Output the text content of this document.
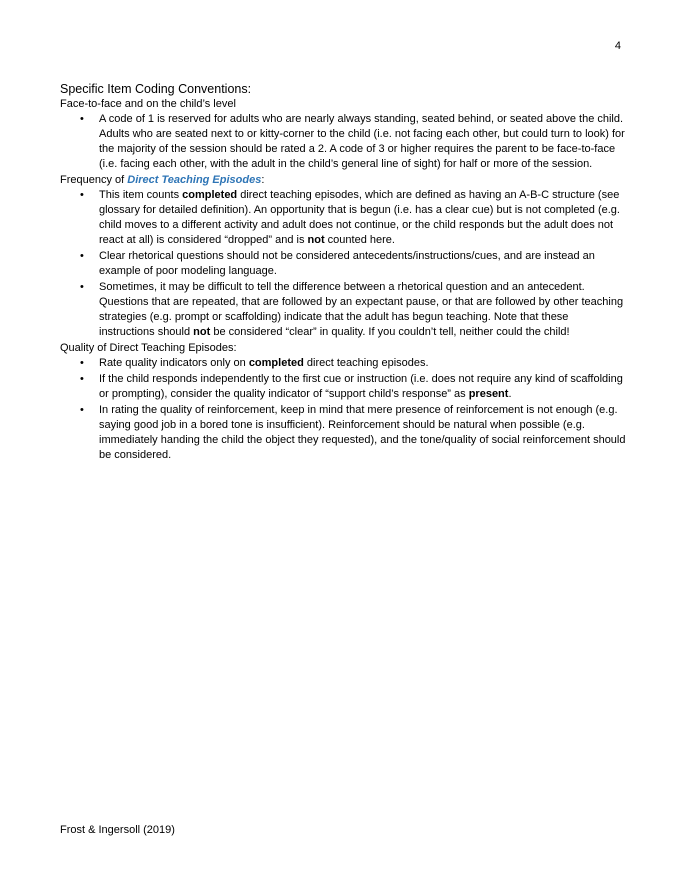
4
Specific Item Coding Conventions:

Face-to-face and on the child’s level

• A code of 1 is reserved for adults who are nearly always standing, seated behind, or seated above the child. Adults who are seated next to or kitty-corner to the child (i.e. not facing each other, but could turn to look) for the majority of the session should be rated a 2. A code of 3 or higher requires the parent to be face-to-face (i.e. facing each other, with the adult in the child’s general line of sight) for half or more of the session.

Frequency of Direct Teaching Episodes:

• This item counts completed direct teaching episodes, which are defined as having an A-B-C structure (see glossary for detailed definition). An opportunity that is begun (i.e. has a clear cue) but is not completed (e.g. child moves to a different activity and adult does not continue, or the child responds but the adult does not react at all) is considered “dropped” and is not counted here.
• Clear rhetorical questions should not be considered antecedents/instructions/cues, and are instead an example of poor modeling language.
• Sometimes, it may be difficult to tell the difference between a rhetorical question and an antecedent. Questions that are repeated, that are followed by an expectant pause, or that are followed by other teaching strategies (e.g. prompt or scaffolding) indicate that the adult has begun teaching. Note that these instructions should not be considered “clear” in quality. If you couldn’t tell, neither could the child!

Quality of Direct Teaching Episodes:

• Rate quality indicators only on completed direct teaching episodes.
• If the child responds independently to the first cue or instruction (i.e. does not require any kind of scaffolding or prompting), consider the quality indicator of “support child’s response” as present.
• In rating the quality of reinforcement, keep in mind that mere presence of reinforcement is not enough (e.g. saying good job in a bored tone is insufficient). Reinforcement should be natural when possible (e.g. immediately handing the child the object they requested), and the tone/quality of social reinforcement should be considered.
Frost & Ingersoll (2019)
